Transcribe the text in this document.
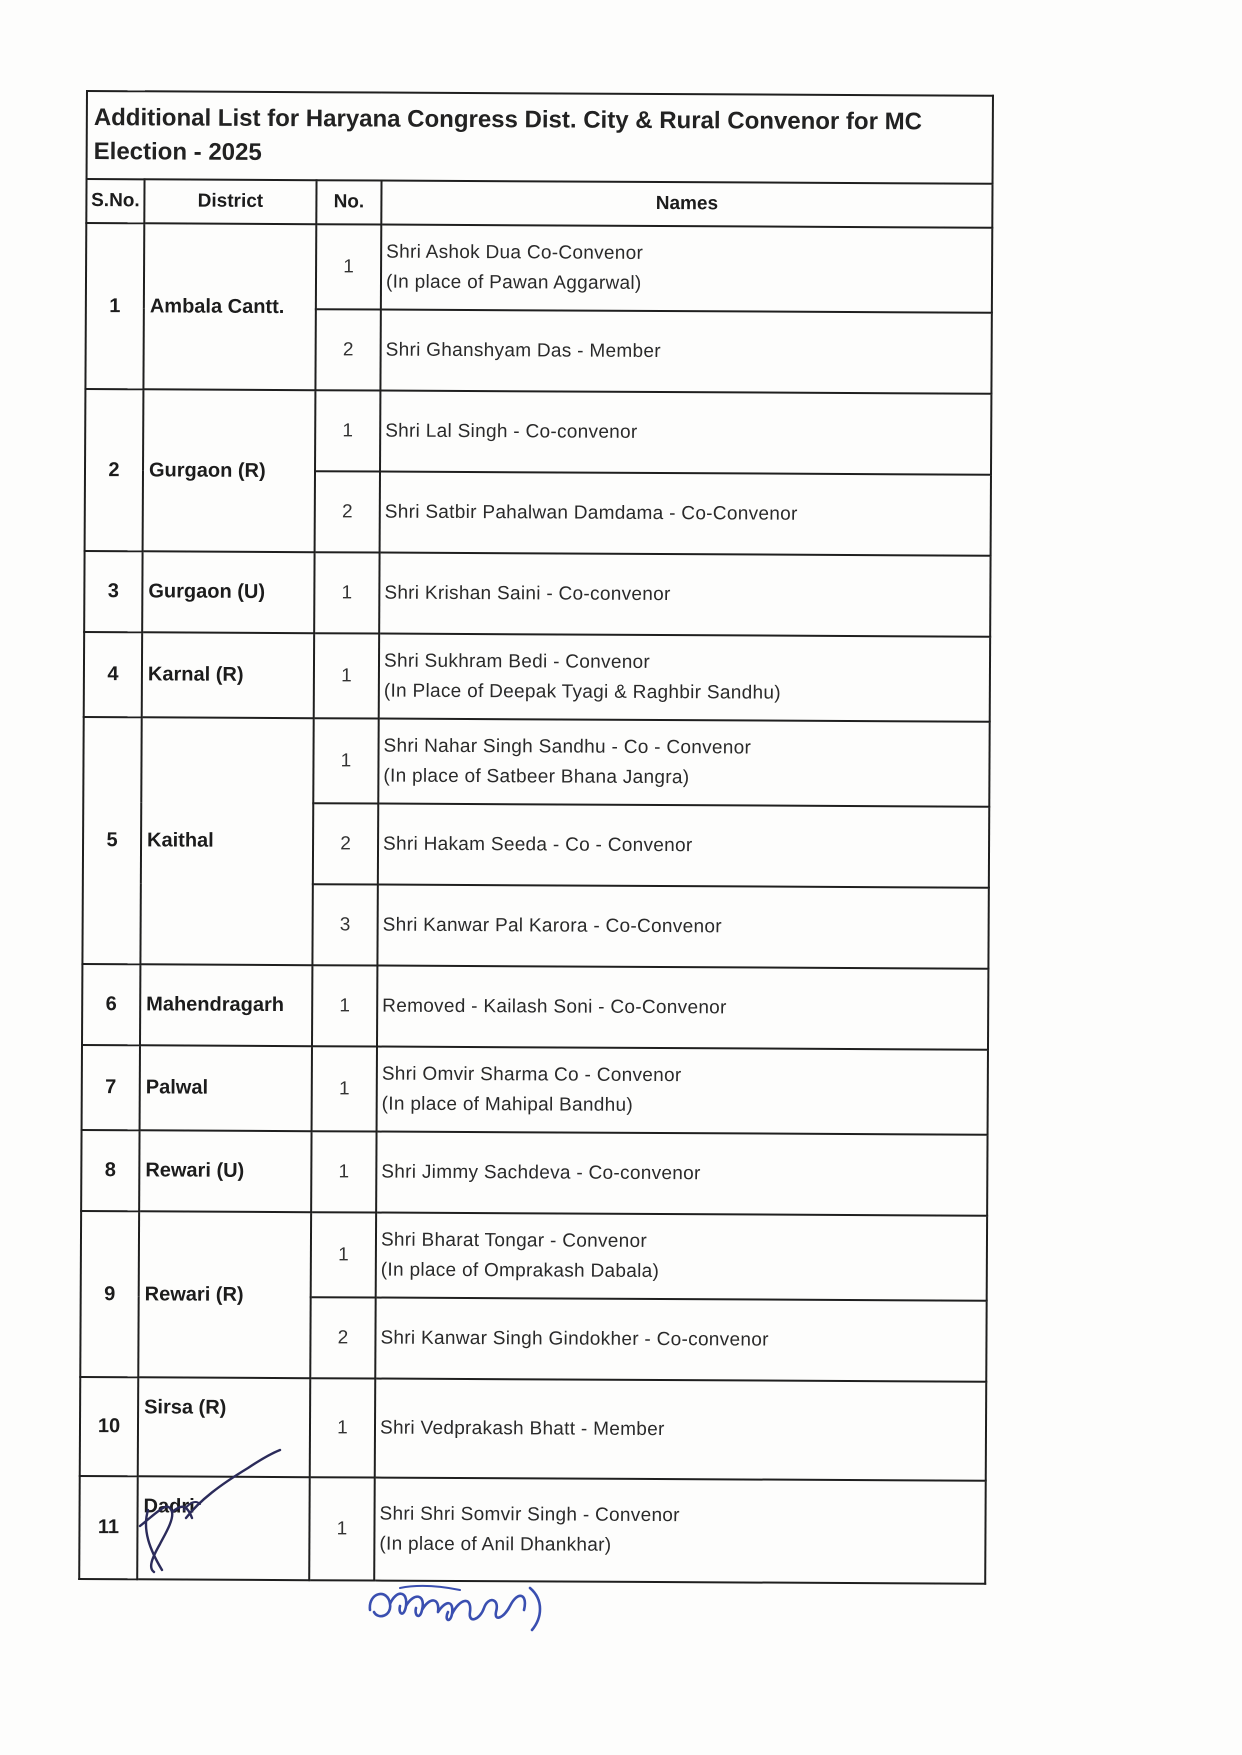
Additional List for Haryana Congress Dist. City & Rural Convenor for MC Election - 2025			
S.No.	District	No.	Names
1	Ambala Cantt.	1	Shri Ashok Dua Co-Convenor
(In place of Pawan Aggarwal)

		2	Shri Ghanshyam Das - Member

2	Gurgaon (R)	1	Shri Lal Singh - Co-convenor

		2	Shri Satbir Pahalwan Damdama - Co-Convenor

3	Gurgaon (U)	1	Shri Krishan Saini - Co-convenor

4	Karnal (R)	1	Shri Sukhram Bedi - Convenor
(In Place of Deepak Tyagi & Raghbir Sandhu)

5	Kaithal	1	Shri Nahar Singh Sandhu - Co - Convenor
(In place of Satbeer Bhana Jangra)

		2	Shri Hakam Seeda - Co - Convenor

		3	Shri Kanwar Pal Karora - Co-Convenor

6	Mahendragarh	1	Removed - Kailash Soni - Co-Convenor

7	Palwal	1	Shri Omvir Sharma Co - Convenor
(In place of Mahipal Bandhu)

8	Rewari (U)	1	Shri Jimmy Sachdeva - Co-convenor

9	Rewari (R)	1	Shri Bharat Tongar - Convenor
(In place of Omprakash Dabala)

		2	Shri Kanwar Singh Gindokher - Co-convenor

10	Sirsa (R)	1	Shri Vedprakash Bhatt - Member

11	Dadri	1	Shri Shri Somvir Singh - Convenor
(In place of Anil Dhankhar)
